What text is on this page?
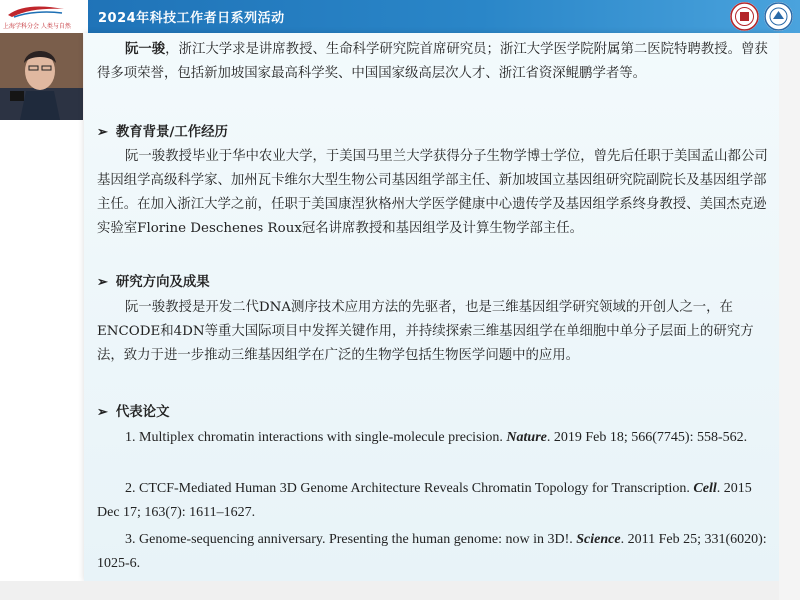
上海学科分会 人类与自然
2024年科技工作者日系列活动
阮一骏，浙江大学求是讲席教授、生命科学研究院首席研究员；浙江大学医学院附属第二医院特聘教授。曾获得多项荣誉，包括新加坡国家最高科学奖、中国国家级高层次人才、浙江省资深鲲鹏学者等。
➢ 教育背景/工作经历
阮一骏教授毕业于华中农业大学，于美国马里兰大学获得分子生物学博士学位，曾先后任职于美国孟山都公司基因组学高级科学家、加州瓦卡维尔大型生物公司基因组学部主任、新加坡国立基因组研究院副院长及基因组学部主任。在加入浙江大学之前，任职于美国康涅狄格州大学医学健康中心遗传学及基因组学系终身教授、美国杰克逊实验室Florine Deschenes Roux冠名讲席教授和基因组学及计算生物学部主任。
➢ 研究方向及成果
阮一骏教授是开发二代DNA测序技术应用方法的先驱者，也是三维基因组学研究领域的开创人之一，在ENCODE和4DN等重大国际项目中发挥关键作用，并持续探索三维基因组学在单细胞中单分子层面上的研究方法，致力于进一步推动三维基因组学在广泛的生物学包括生物医学问题中的应用。
➢ 代表论文
1. Multiplex chromatin interactions with single-molecule precision. Nature. 2019 Feb 18; 566(7745): 558-562.
2. CTCF-Mediated Human 3D Genome Architecture Reveals Chromatin Topology for Transcription. Cell. 2015 Dec 17; 163(7): 1611–1627.
3. Genome-sequencing anniversary. Presenting the human genome: now in 3D!. Science. 2011 Feb 25; 331(6020): 1025-6.
